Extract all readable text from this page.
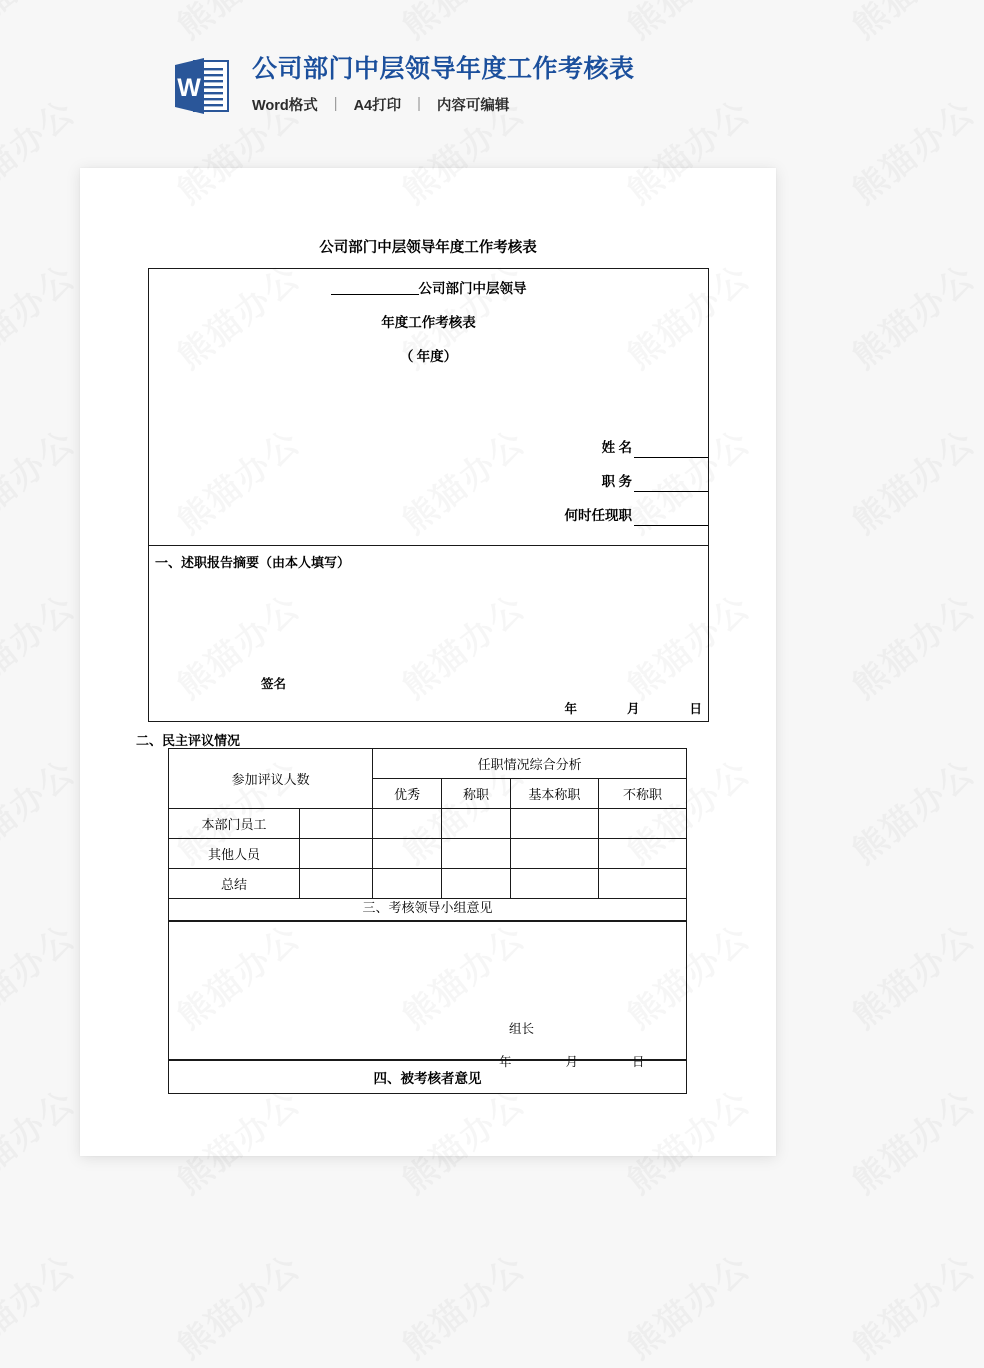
W
公司部门中层领导年度工作考核表
Word格式 | A4打印 | 内容可编辑
公司部门中层领导年度工作考核表
公司部门中层领导
年度工作考核表
（ 年度）
姓 名
职 务
何时任现职
一、述职报告摘要（由本人填写）
签名
年	月	日
二、民主评议情况
参加评议人数		任职情况综合分析			
		优秀	称职	基本称职	不称职
本部门员工					
其他人员					
总结					
三、考核领导小组意见
组长
年	月	日
四、被考核者意见
